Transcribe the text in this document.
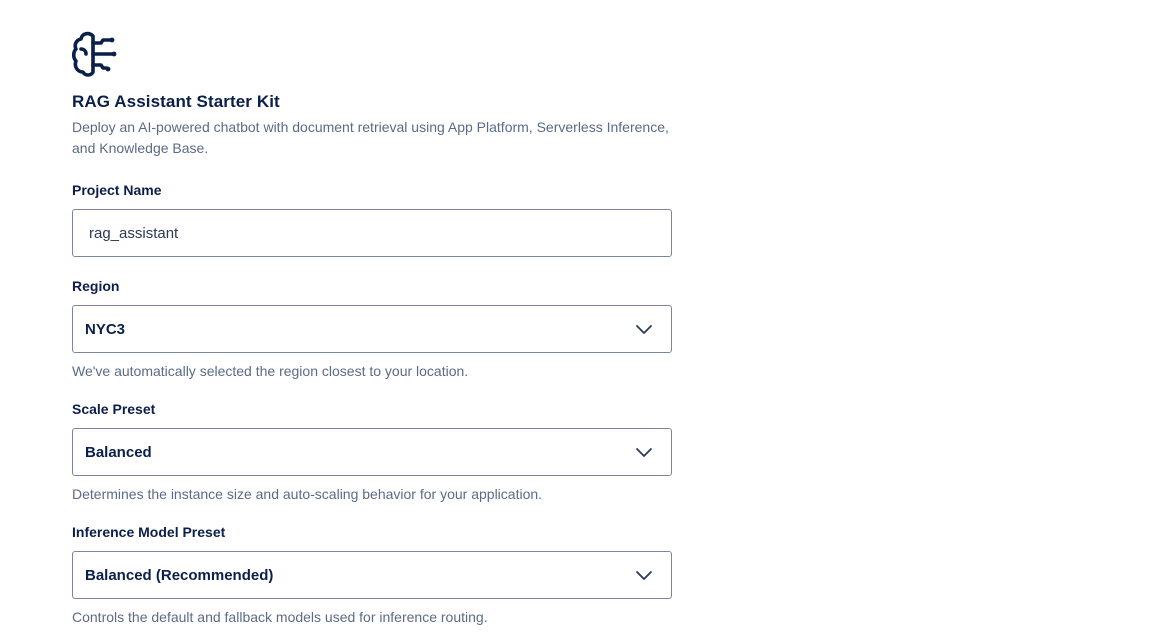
RAG Assistant Starter Kit

Deploy an AI-powered chatbot with document retrieval using App Platform, Serverless Inference, and Knowledge Base.

Project Name
rag_assistant
Region
NYC3
We've automatically selected the region closest to your location.
Scale Preset
Balanced
Determines the instance size and auto-scaling behavior for your application.
Inference Model Preset
Balanced (Recommended)
Controls the default and fallback models used for inference routing.
